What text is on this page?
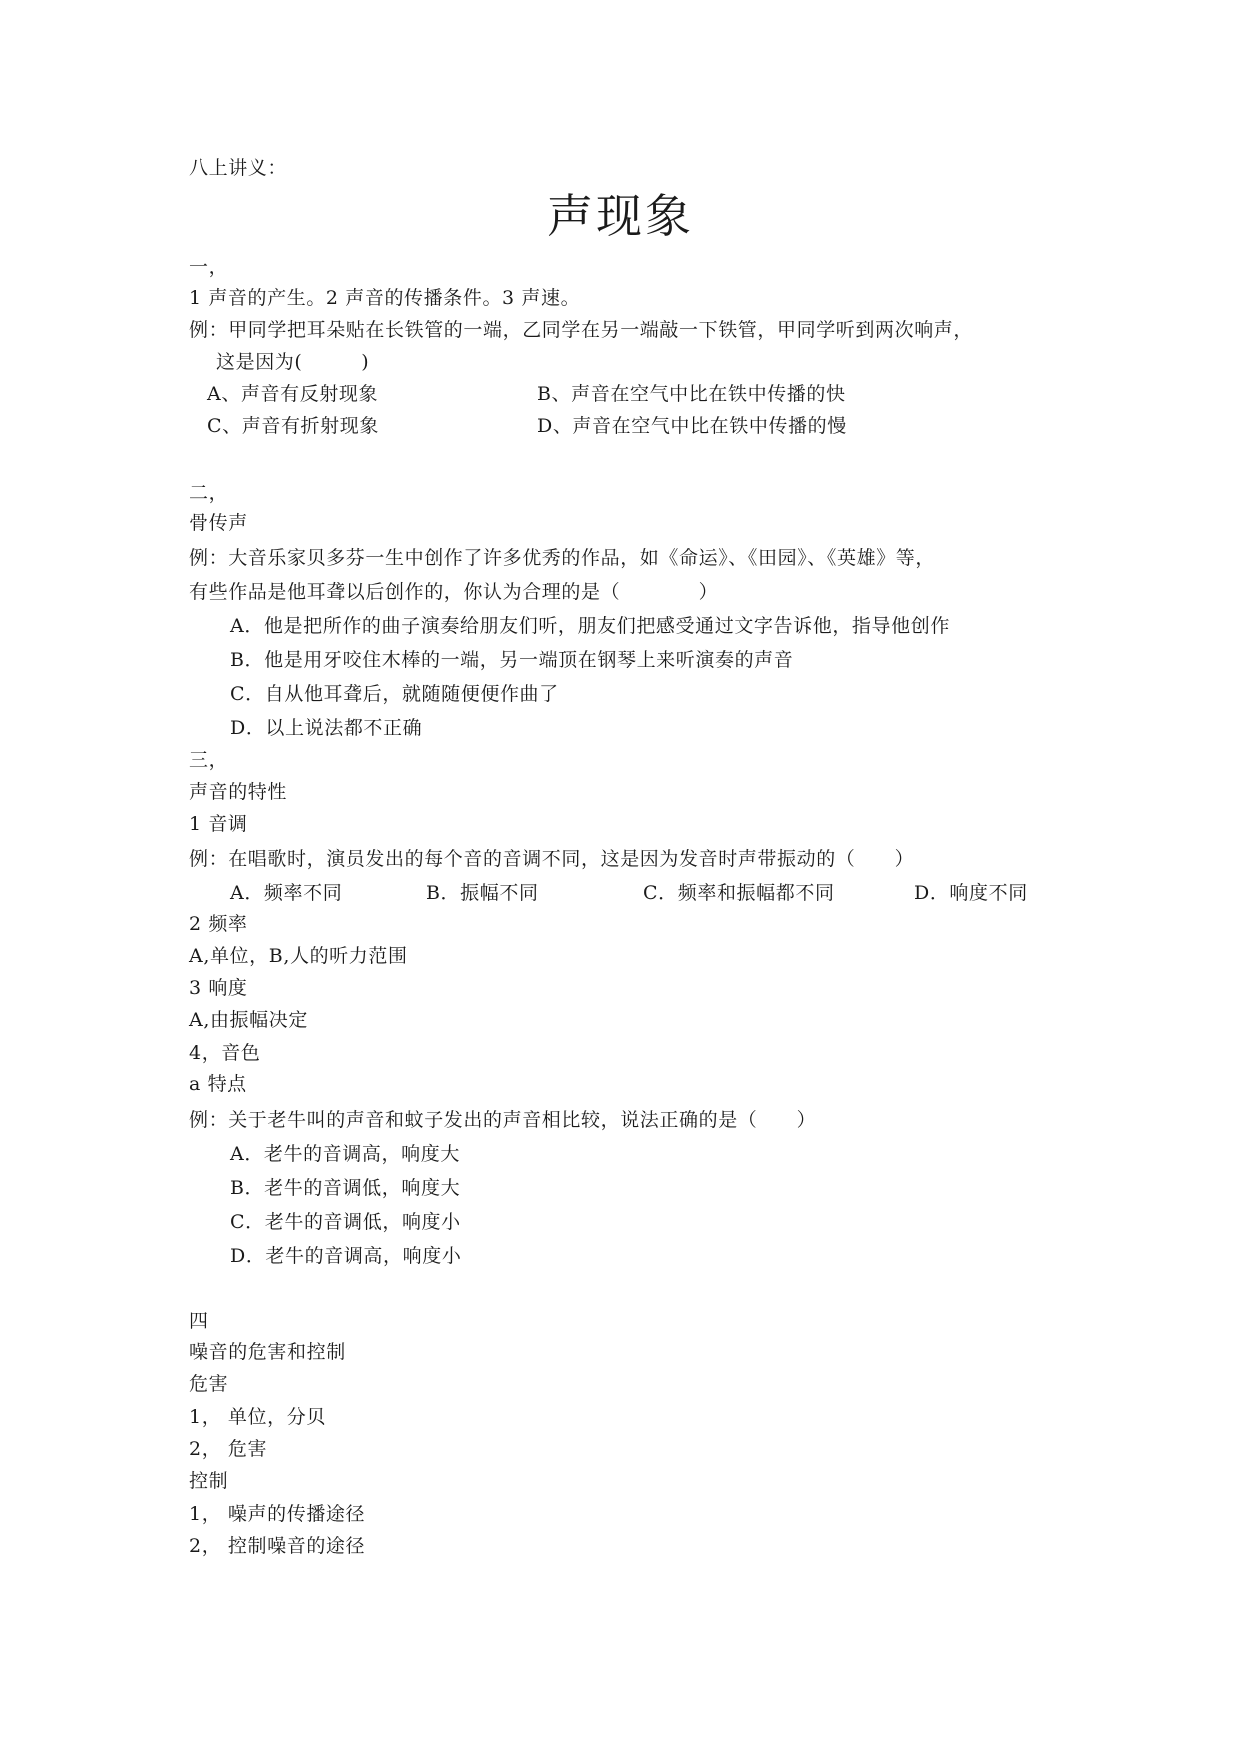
八上讲义：
声现象
一，
1 声音的产生。2 声音的传播条件。3 声速。
例：甲同学把耳朵贴在长铁管的一端，乙同学在另一端敲一下铁管，甲同学听到两次响声，
这是因为(　　　)
A、声音有反射现象	B、声音在空气中比在铁中传播的快
C、声音有折射现象	D、声音在空气中比在铁中传播的慢
二，
骨传声
例：大音乐家贝多芬一生中创作了许多优秀的作品，如《命运》、《田园》、《英雄》等，
有些作品是他耳聋以后创作的，你认为合理的是（　　　　）
A．他是把所作的曲子演奏给朋友们听，朋友们把感受通过文字告诉他，指导他创作
B．他是用牙咬住木棒的一端，另一端顶在钢琴上来听演奏的声音
C．自从他耳聋后，就随随便便作曲了
D．以上说法都不正确
三，
声音的特性
1 音调
例：在唱歌时，演员发出的每个音的音调不同，这是因为发音时声带振动的（　　）
A．频率不同	B．振幅不同	C．频率和振幅都不同	D．响度不同
2 频率
A,单位，B,人的听力范围
3 响度
A,由振幅决定
4，音色
a 特点
例：关于老牛叫的声音和蚊子发出的声音相比较，说法正确的是（　　）
A．老牛的音调高，响度大
B．老牛的音调低，响度大
C．老牛的音调低，响度小
D．老牛的音调高，响度小
四
噪音的危害和控制
危害
1， 单位，分贝
2， 危害
控制
1， 噪声的传播途径
2， 控制噪音的途径
